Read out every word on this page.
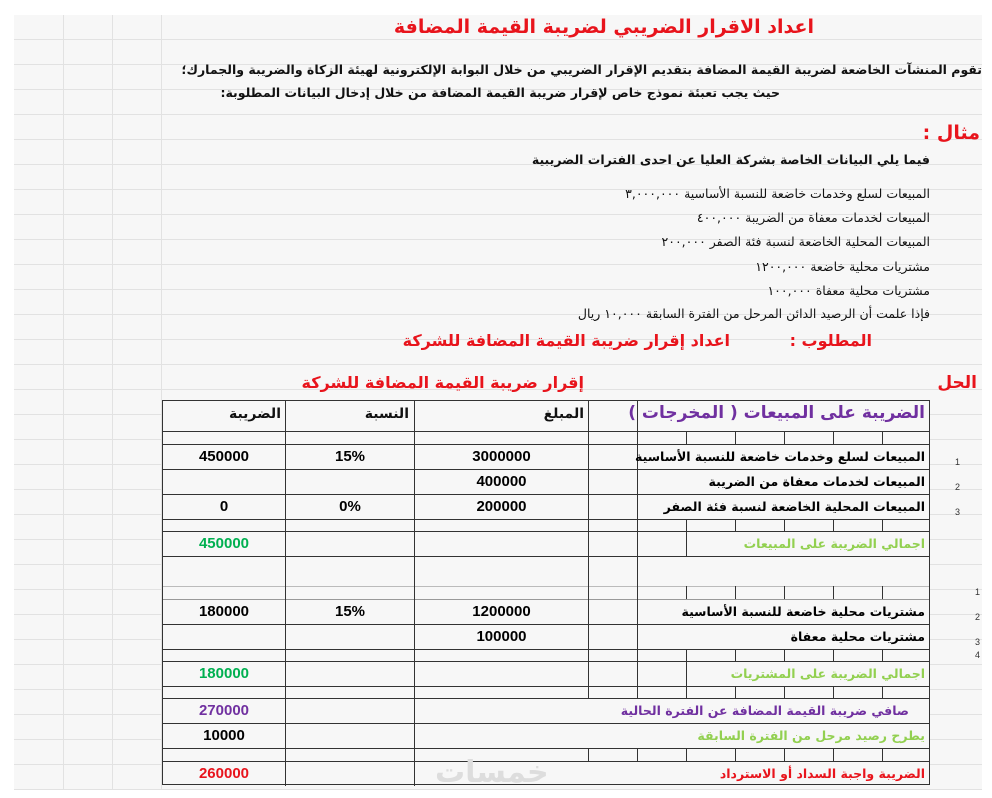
اعداد الاقرار الضريبي لضريبة القيمة المضافة
تقوم المنشآت الخاضعة لضريبة القيمة المضافة بتقديم الإقرار الضريبي من خلال البوابة الإلكترونية لهيئة الزكاة والضريبة والجمارك؛
حيث يجب تعبئة نموذج خاص لإقرار ضريبة القيمة المضافة من خلال إدخال البيانات المطلوبة:
مثال :
فيما يلي البيانات الخاصة بشركة العليا عن احدى الفترات الضريبية
المبيعات لسلع وخدمات خاضعة للنسبة الأساسية ٣,٠٠٠,٠٠٠
المبيعات لخدمات معفاة من الضريبة ٤٠٠,٠٠٠
المبيعات المحلية الخاضعة لنسبة فئة الصفر ٢٠٠,٠٠٠
مشتريات محلية خاضعة ١٢٠٠,٠٠٠
مشتريات محلية معفاة ١٠٠,٠٠٠
فإذا علمت أن الرصيد الدائن المرحل من الفترة السابقة ١٠,٠٠٠ ريال
المطلوب :
اعداد إقرار ضريبة القيمة المضافة للشركة
الحل
إقرار ضريبة القيمة المضافة للشركة
الضريبة على المبيعات ( المخرجات )
المبلغ
النسبة
الضريبة
المبيعات لسلع وخدمات خاضعة للنسبة الأساسية
3000000
15%
450000
المبيعات لخدمات معفاة من الضريبة
400000
المبيعات المحلية الخاضعة لنسبة فئة الصفر
200000
0%
0
اجمالي الضريبة على المبيعات
450000
مشتريات محلية خاضعة للنسبة الأساسية
1200000
15%
180000
مشتريات محلية معفاة
100000
اجمالي الضريبة على المشتريات
180000
صافي ضريبة القيمة المضافة عن الفترة الحالية
270000
يطرح رصيد مرحل من الفترة السابقة
10000
الضريبة واجبة السداد أو الاسترداد
260000
1
2
3
1
2
3
4
خمسات
